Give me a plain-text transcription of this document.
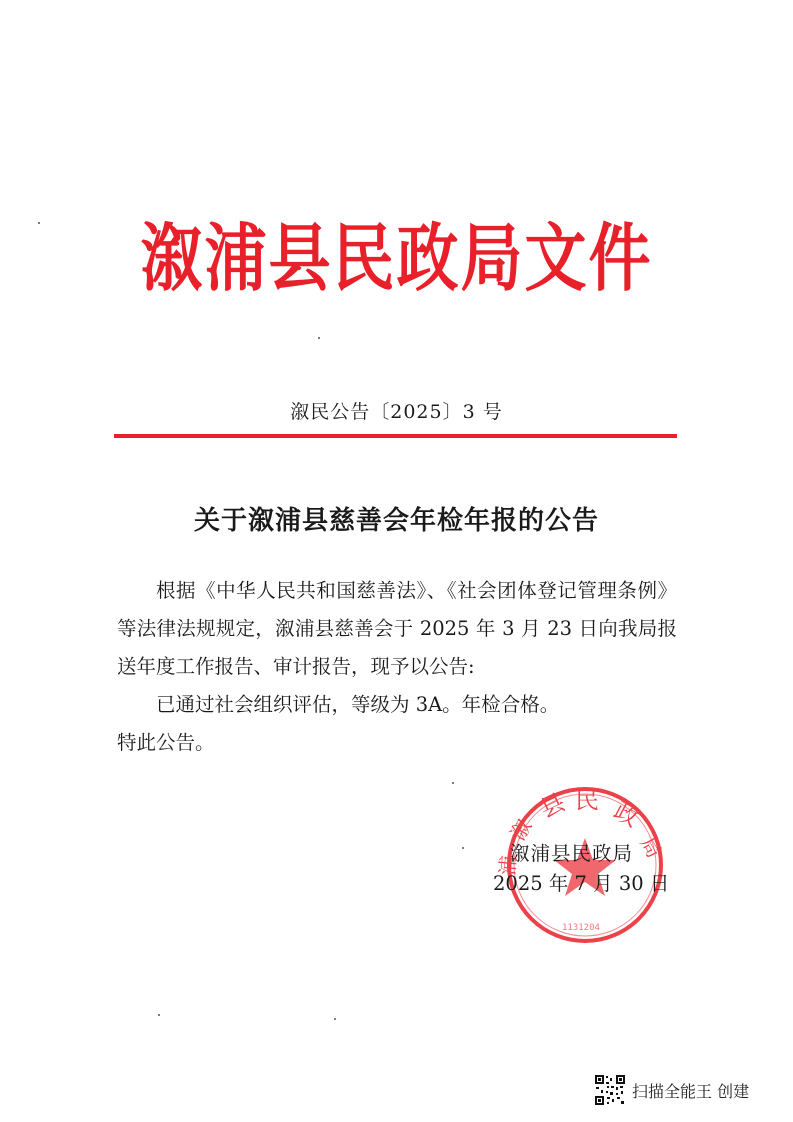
溆浦县民政局文件
溆民公告〔2025〕3 号
关于溆浦县慈善会年检年报的公告

根据《中华人民共和国慈善法》、《社会团体登记管理条例》等法律法规规定，溆浦县慈善会于 2025 年 3 月 23 日向我局报送年度工作报告、审计报告，现予以公告:

已通过社会组织评估，等级为 3A。年检合格。

特此公告。

县 民 政
溆
浦
局
1131204
溆浦县民政局
2025 年 7 月 30 日
扫描全能王 创建
